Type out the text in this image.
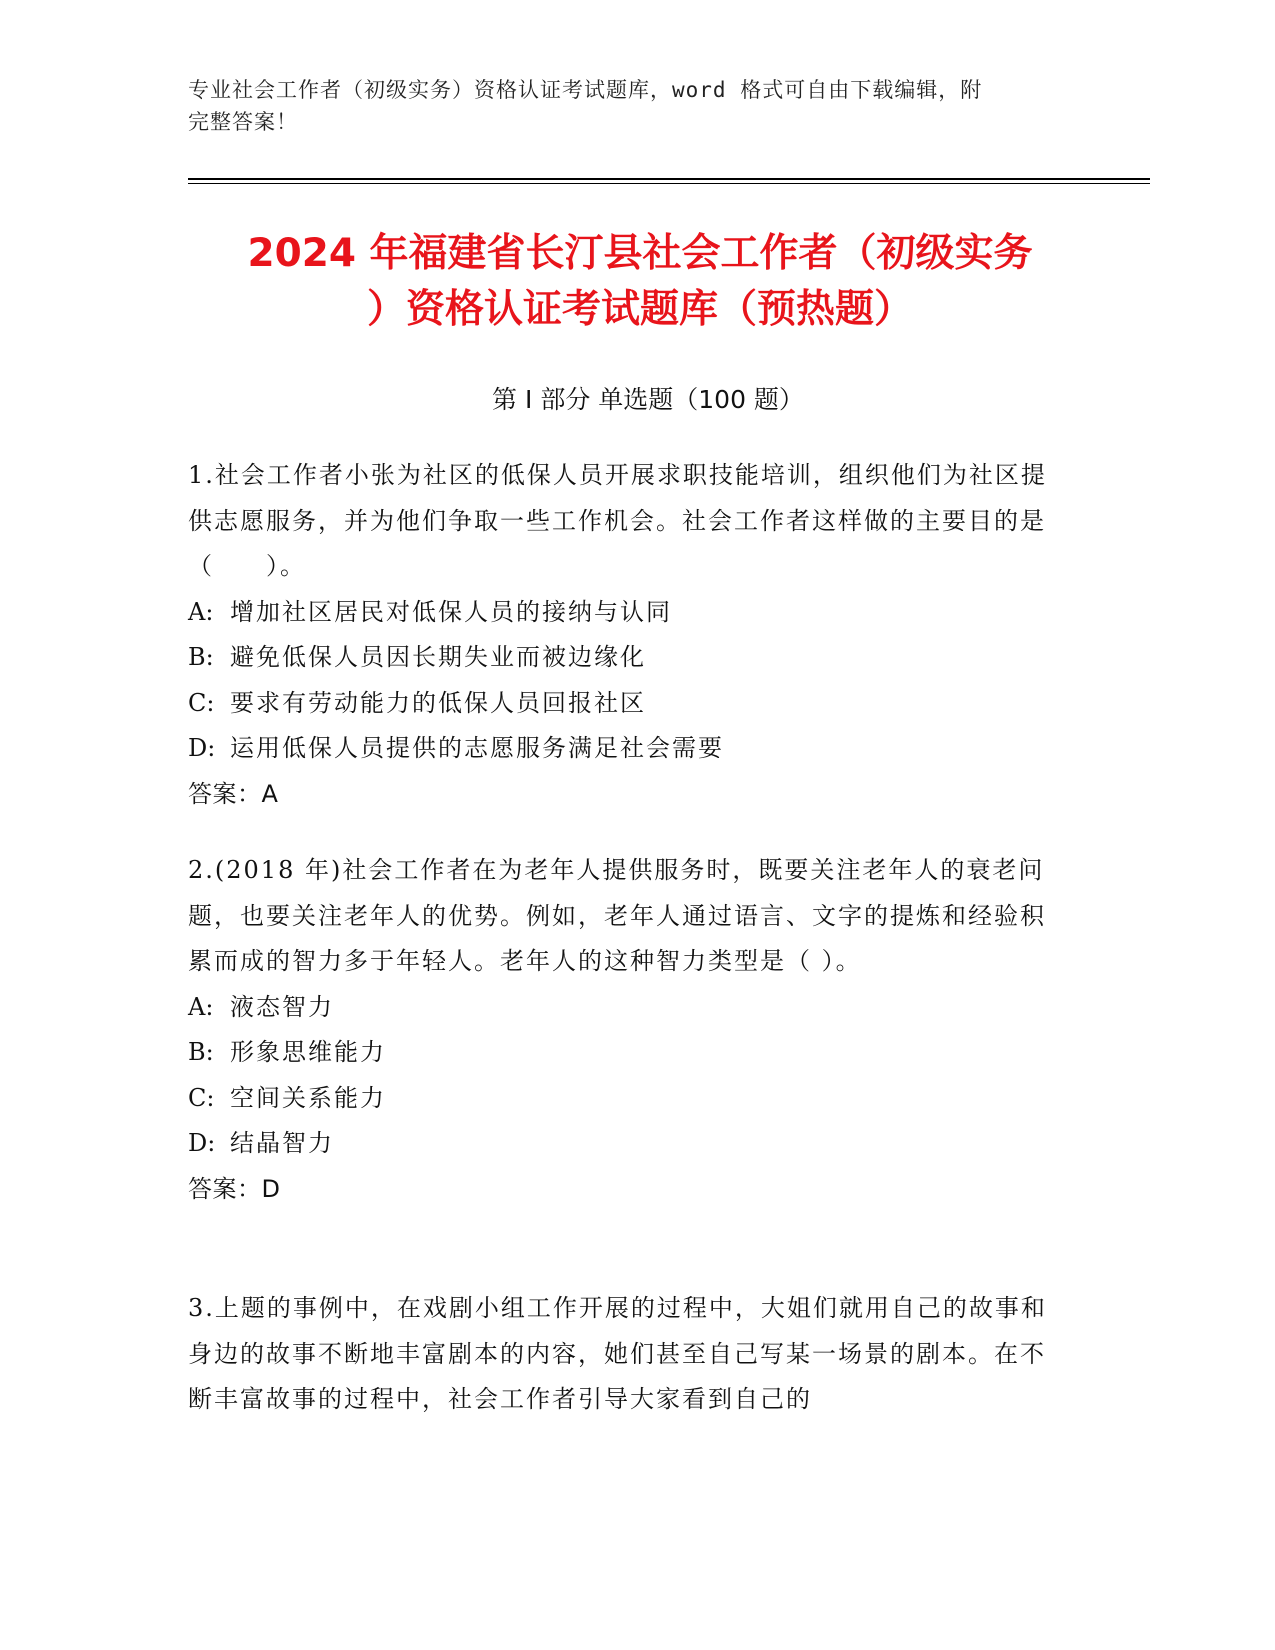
专业社会工作者（初级实务）资格认证考试题库，word 格式可自由下载编辑，附
完整答案！
2024 年福建省长汀县社会工作者（初级实务
）资格认证考试题库（预热题）
第 I 部分 单选题（100 题）

1.社会工作者小张为社区的低保人员开展求职技能培训，组织他们为社区提供志愿服务，并为他们争取一些工作机会。社会工作者这样做的主要目的是（　　）。

A: 增加社区居民对低保人员的接纳与认同

B: 避免低保人员因长期失业而被边缘化

C: 要求有劳动能力的低保人员回报社区

D: 运用低保人员提供的志愿服务满足社会需要

答案：A

2.(2018 年)社会工作者在为老年人提供服务时，既要关注老年人的衰老问题，也要关注老年人的优势。例如，老年人通过语言、文字的提炼和经验积累而成的智力多于年轻人。老年人的这种智力类型是（ ）。

A: 液态智力

B: 形象思维能力

C: 空间关系能力

D: 结晶智力

答案：D

3.上题的事例中，在戏剧小组工作开展的过程中，大姐们就用自己的故事和身边的故事不断地丰富剧本的内容，她们甚至自己写某一场景的剧本。在不断丰富故事的过程中，社会工作者引导大家看到自己的
